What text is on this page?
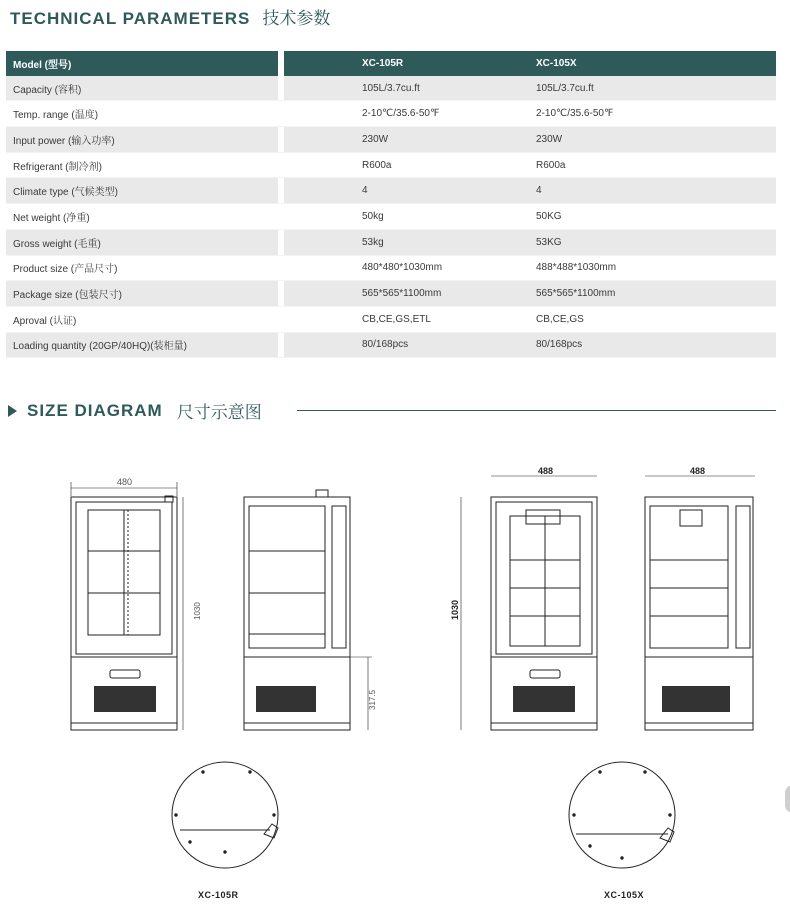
TECHNICAL PARAMETERS 技术参数
Model (型号)		XC-105R	XC-105X
Capacity (容积)		105L/3.7cu.ft	105L/3.7cu.ft
Temp. range (温度)		2-10℃/35.6-50℉	2-10℃/35.6-50℉
Input power (输入功率)		230W	230W
Refrigerant (制冷剂)		R600a	R600a
Climate type (气候类型)		4	4
Net weight (净重)		50kg	50KG
Gross weight (毛重)		53kg	53KG
Product size (产品尺寸)		480*480*1030mm	488*488*1030mm
Package size (包装尺寸)		565*565*1100mm	565*565*1100mm
Aproval (认证)		CB,CE,GS,ETL	CB,CE,GS
Loading quantity (20GP/40HQ)(装柜量)		80/168pcs	80/168pcs
SIZE DIAGRAM 尺寸示意图
480
1030
317.5
488
1030
488
XC-105R	XC-105X
